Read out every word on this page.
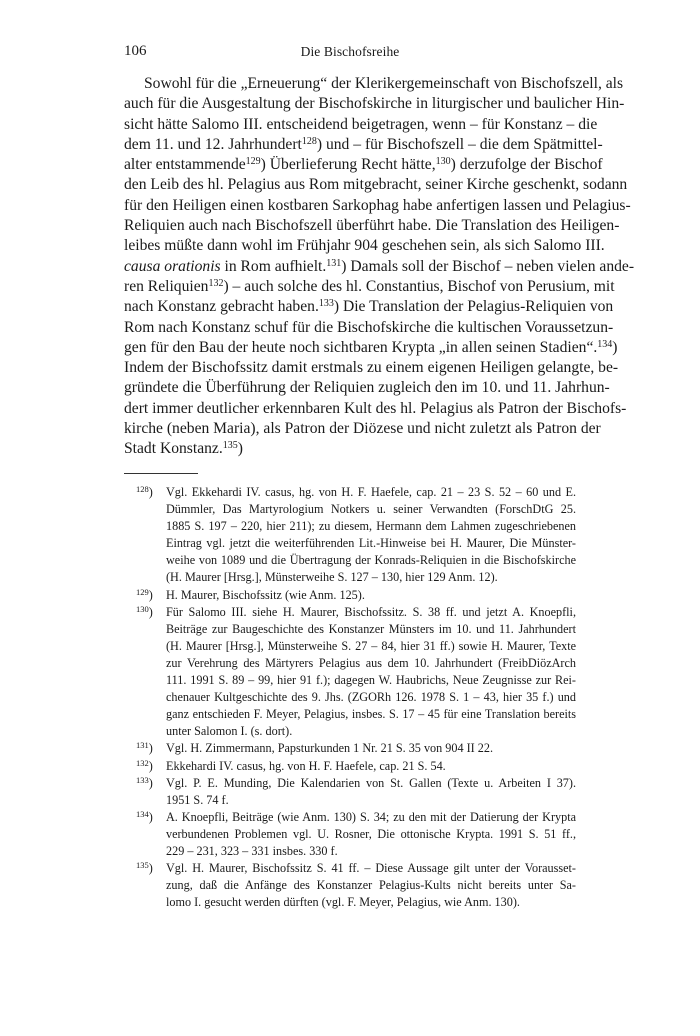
106	Die Bischofsreihe
Sowohl für die „Erneuerung“ der Klerikergemeinschaft von Bischofszell, als
auch für die Ausgestaltung der Bischofskirche in liturgischer und baulicher Hin-
sicht hätte Salomo III. entscheidend beigetragen, wenn – für Konstanz – die
dem 11. und 12. Jahrhundert$^{128}$) und – für Bischofszell – die dem Spätmittel-
alter entstammende$^{129}$) Überlieferung Recht hätte,$^{130}$) derzufolge der Bischof
den Leib des hl. Pelagius aus Rom mitgebracht, seiner Kirche geschenkt, sodann
für den Heiligen einen kostbaren Sarkophag habe anfertigen lassen und Pelagius-
Reliquien auch nach Bischofszell überführt habe. Die Translation des Heiligen-
leibes müßte dann wohl im Frühjahr 904 geschehen sein, als sich Salomo III.
causa orationis in Rom aufhielt.$^{131}$) Damals soll der Bischof – neben vielen ande-
ren Reliquien$^{132}$) – auch solche des hl. Constantius, Bischof von Perusium, mit
nach Konstanz gebracht haben.$^{133}$) Die Translation der Pelagius-Reliquien von
Rom nach Konstanz schuf für die Bischofskirche die kultischen Voraussetzun-
gen für den Bau der heute noch sichtbaren Krypta „in allen seinen Stadien“.$^{134}$)
Indem der Bischofssitz damit erstmals zu einem eigenen Heiligen gelangte, be-
gründete die Überführung der Reliquien zugleich den im 10. und 11. Jahrhun-
dert immer deutlicher erkennbaren Kult des hl. Pelagius als Patron der Bischofs-
kirche (neben Maria), als Patron der Diözese und nicht zuletzt als Patron der
Stadt Konstanz.$^{135}$)
$^{128}$) Vgl. Ekkehardi IV. casus, hg. von H. F. Haefele, cap. 21 – 23 S. 52 – 60 und E.
Dümmler, Das Martyrologium Notkers u. seiner Verwandten (ForschDtG 25.
1885 S. 197 – 220, hier 211); zu diesem, Hermann dem Lahmen zugeschriebenen
Eintrag vgl. jetzt die weiterführenden Lit.-Hinweise bei H. Maurer, Die Münster-
weihe von 1089 und die Übertragung der Konrads-Reliquien in die Bischofskirche
(H. Maurer [Hrsg.], Münsterweihe S. 127 – 130, hier 129 Anm. 12).
$^{129}$) H. Maurer, Bischofssitz (wie Anm. 125).
$^{130}$) Für Salomo III. siehe H. Maurer, Bischofssitz. S. 38 ff. und jetzt A. Knoepfli,
Beiträge zur Baugeschichte des Konstanzer Münsters im 10. und 11. Jahrhundert
(H. Maurer [Hrsg.], Münsterweihe S. 27 – 84, hier 31 ff.) sowie H. Maurer, Texte
zur Verehrung des Märtyrers Pelagius aus dem 10. Jahrhundert (FreibDiözArch
111. 1991 S. 89 – 99, hier 91 f.); dagegen W. Haubrichs, Neue Zeugnisse zur Rei-
chenauer Kultgeschichte des 9. Jhs. (ZGORh 126. 1978 S. 1 – 43, hier 35 f.) und
ganz entschieden F. Meyer, Pelagius, insbes. S. 17 – 45 für eine Translation bereits
unter Salomon I. (s. dort).
$^{131}$) Vgl. H. Zimmermann, Papsturkunden 1 Nr. 21 S. 35 von 904 II 22.
$^{132}$) Ekkehardi IV. casus, hg. von H. F. Haefele, cap. 21 S. 54.
$^{133}$) Vgl. P. E. Munding, Die Kalendarien von St. Gallen (Texte u. Arbeiten I 37).
1951 S. 74 f.
$^{134}$) A. Knoepfli, Beiträge (wie Anm. 130) S. 34; zu den mit der Datierung der Krypta
verbundenen Problemen vgl. U. Rosner, Die ottonische Krypta. 1991 S. 51 ff.,
229 – 231, 323 – 331 insbes. 330 f.
$^{135}$) Vgl. H. Maurer, Bischofssitz S. 41 ff. – Diese Aussage gilt unter der Vorausset-
zung, daß die Anfänge des Konstanzer Pelagius-Kults nicht bereits unter Sa-
lomo I. gesucht werden dürften (vgl. F. Meyer, Pelagius, wie Anm. 130).
